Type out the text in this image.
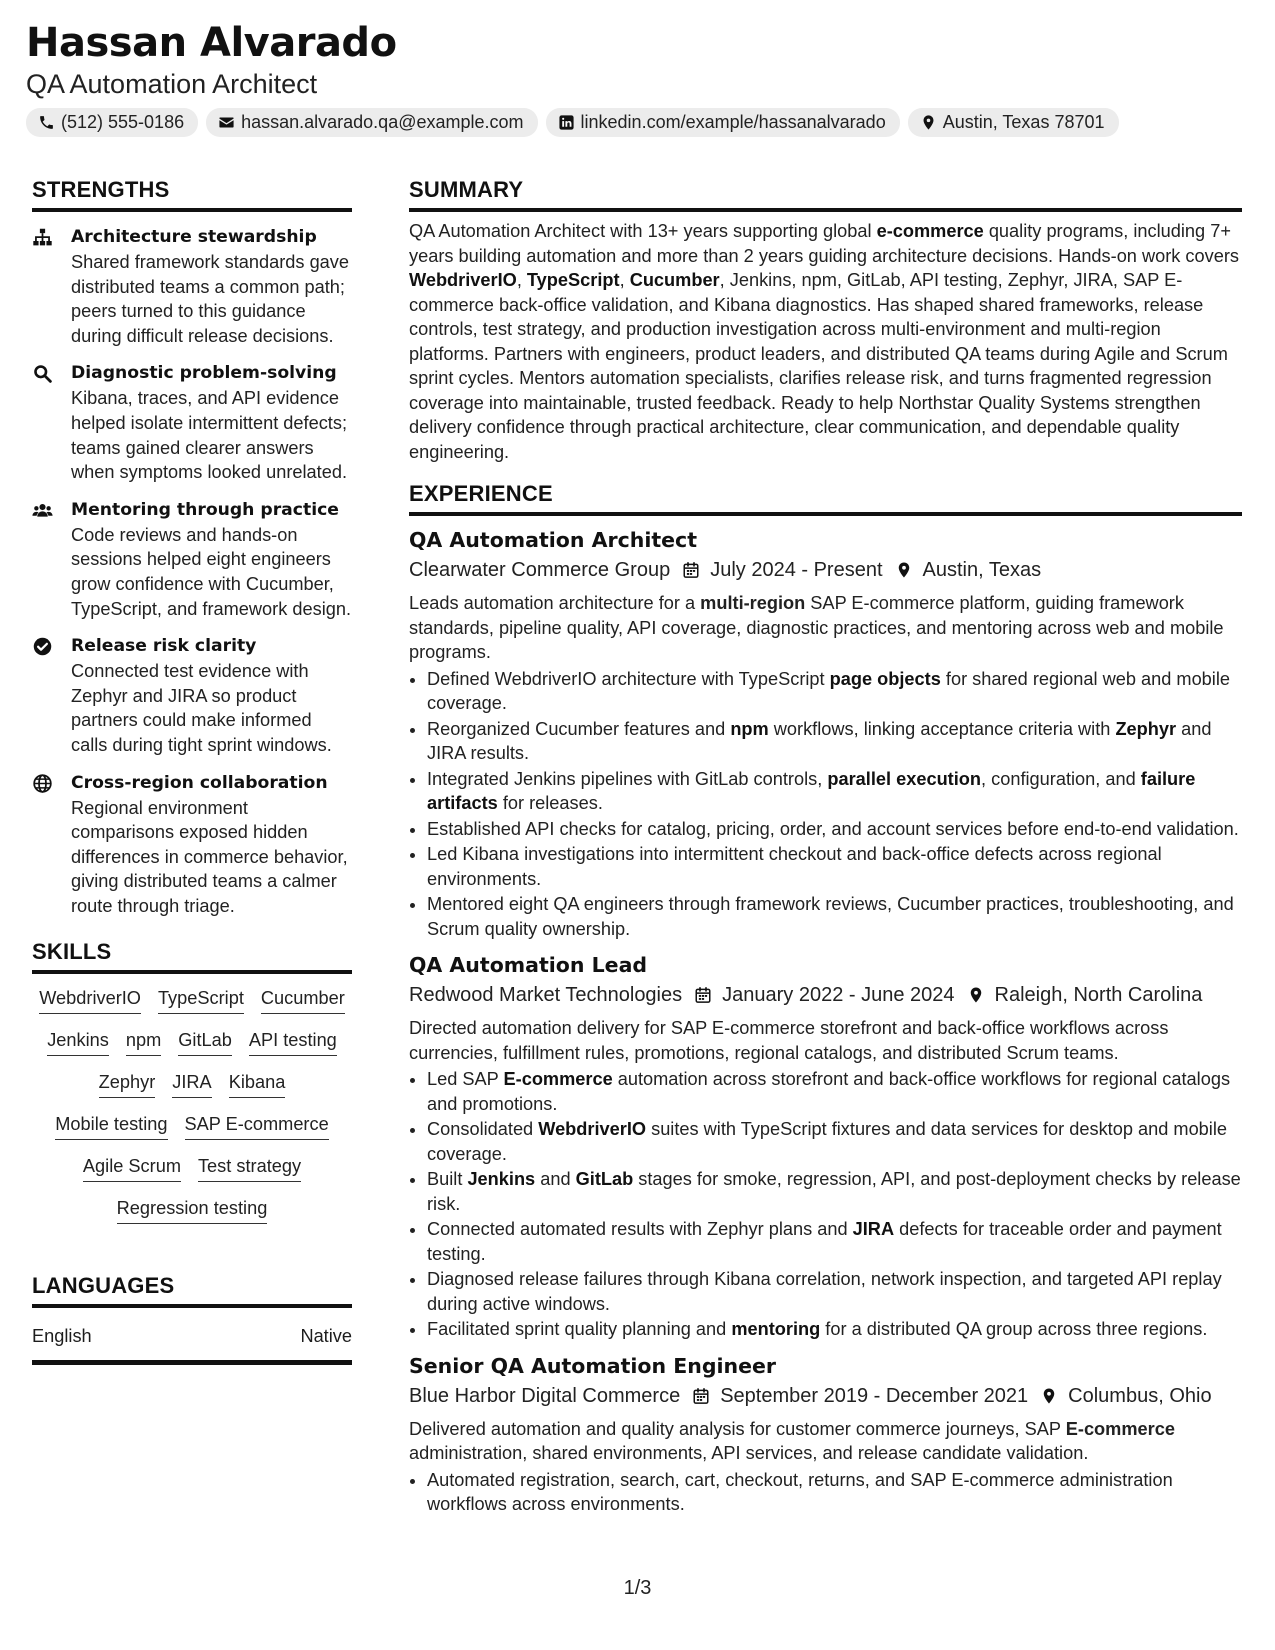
Hassan Alvarado
QA Automation Architect
(512) 555-0186	hassan.alvarado.qa@example.com	linkedin.com/example/hassanalvarado	Austin, Texas 78701
STRENGTHS
Architecture stewardship
Shared framework standards gave distributed teams a common path; peers turned to this guidance during difficult release decisions.
Diagnostic problem-solving
Kibana, traces, and API evidence helped isolate intermittent defects; teams gained clearer answers when symptoms looked unrelated.
Mentoring through practice
Code reviews and hands-on sessions helped eight engineers grow confidence with Cucumber, TypeScript, and framework design.
Release risk clarity
Connected test evidence with Zephyr and JIRA so product partners could make informed calls during tight sprint windows.
Cross-region collaboration
Regional environment comparisons exposed hidden differences in commerce behavior, giving distributed teams a calmer route through triage.
SKILLS
WebdriverIO TypeScript Cucumber
Jenkins npm GitLab API testing
Zephyr JIRA Kibana
Mobile testing SAP E-commerce
Agile Scrum Test strategy
Regression testing
LANGUAGES
English	Native
SUMMARY
QA Automation Architect with 13+ years supporting global e-commerce quality programs, including 7+ years building automation and more than 2 years guiding architecture decisions. Hands-on work covers WebdriverIO, TypeScript, Cucumber, Jenkins, npm, GitLab, API testing, Zephyr, JIRA, SAP E-commerce back-office validation, and Kibana diagnostics. Has shaped shared frameworks, release controls, test strategy, and production investigation across multi-environment and multi-region platforms. Partners with engineers, product leaders, and distributed QA teams during Agile and Scrum sprint cycles. Mentors automation specialists, clarifies release risk, and turns fragmented regression coverage into maintainable, trusted feedback. Ready to help Northstar Quality Systems strengthen delivery confidence through practical architecture, clear communication, and dependable quality engineering.
EXPERIENCE
QA Automation Architect
Clearwater Commerce Group July 2024 - Present Austin, Texas
Leads automation architecture for a multi-region SAP E-commerce platform, guiding framework standards, pipeline quality, API coverage, diagnostic practices, and mentoring across web and mobile programs.
• Defined WebdriverIO architecture with TypeScript page objects for shared regional web and mobile coverage.
• Reorganized Cucumber features and npm workflows, linking acceptance criteria with Zephyr and JIRA results.
• Integrated Jenkins pipelines with GitLab controls, parallel execution, configuration, and failure artifacts for releases.
• Established API checks for catalog, pricing, order, and account services before end-to-end validation.
• Led Kibana investigations into intermittent checkout and back-office defects across regional environments.
• Mentored eight QA engineers through framework reviews, Cucumber practices, troubleshooting, and Scrum quality ownership.
QA Automation Lead
Redwood Market Technologies January 2022 - June 2024 Raleigh, North Carolina
Directed automation delivery for SAP E-commerce storefront and back-office workflows across currencies, fulfillment rules, promotions, regional catalogs, and distributed Scrum teams.
• Led SAP E-commerce automation across storefront and back-office workflows for regional catalogs and promotions.
• Consolidated WebdriverIO suites with TypeScript fixtures and data services for desktop and mobile coverage.
• Built Jenkins and GitLab stages for smoke, regression, API, and post-deployment checks by release risk.
• Connected automated results with Zephyr plans and JIRA defects for traceable order and payment testing.
• Diagnosed release failures through Kibana correlation, network inspection, and targeted API replay during active windows.
• Facilitated sprint quality planning and mentoring for a distributed QA group across three regions.
Senior QA Automation Engineer
Blue Harbor Digital Commerce September 2019 - December 2021 Columbus, Ohio
Delivered automation and quality analysis for customer commerce journeys, SAP E-commerce administration, shared environments, API services, and release candidate validation.
• Automated registration, search, cart, checkout, returns, and SAP E-commerce administration workflows across environments.
1/3
